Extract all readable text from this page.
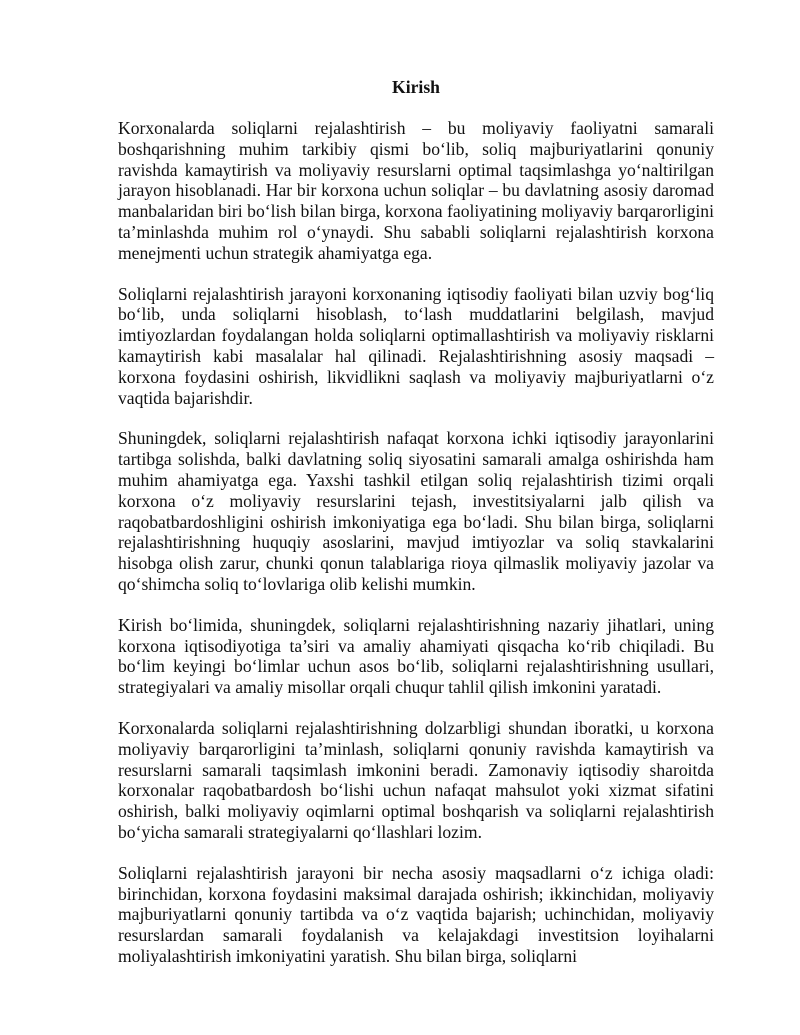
Kirish

Korxonalarda soliqlarni rejalashtirish – bu moliyaviy faoliyatni samarali boshqarishning muhim tarkibiy qismi bo‘lib, soliq majburiyatlarini qonuniy ravishda kamaytirish va moliyaviy resurslarni optimal taqsimlashga yo‘naltirilgan jarayon hisoblanadi. Har bir korxona uchun soliqlar – bu davlatning asosiy daromad manbalaridan biri bo‘lish bilan birga, korxona faoliyatining moliyaviy barqarorligini ta’minlashda muhim rol o‘ynaydi. Shu sababli soliqlarni rejalashtirish korxona menejmenti uchun strategik ahamiyatga ega.

Soliqlarni rejalashtirish jarayoni korxonaning iqtisodiy faoliyati bilan uzviy bog‘liq bo‘lib, unda soliqlarni hisoblash, to‘lash muddatlarini belgilash, mavjud imtiyozlardan foydalangan holda soliqlarni optimallashtirish va moliyaviy risklarni kamaytirish kabi masalalar hal qilinadi. Rejalashtirishning asosiy maqsadi – korxona foydasini oshirish, likvidlikni saqlash va moliyaviy majburiyatlarni o‘z vaqtida bajarishdir.

Shuningdek, soliqlarni rejalashtirish nafaqat korxona ichki iqtisodiy jarayonlarini tartibga solishda, balki davlatning soliq siyosatini samarali amalga oshirishda ham muhim ahamiyatga ega. Yaxshi tashkil etilgan soliq rejalashtirish tizimi orqali korxona o‘z moliyaviy resurslarini tejash, investitsiyalarni jalb qilish va raqobatbardoshligini oshirish imkoniyatiga ega bo‘ladi. Shu bilan birga, soliqlarni rejalashtirishning huquqiy asoslarini, mavjud imtiyozlar va soliq stavkalarini hisobga olish zarur, chunki qonun talablariga rioya qilmaslik moliyaviy jazolar va qo‘shimcha soliq to‘lovlariga olib kelishi mumkin.

Kirish bo‘limida, shuningdek, soliqlarni rejalashtirishning nazariy jihatlari, uning korxona iqtisodiyotiga ta’siri va amaliy ahamiyati qisqacha ko‘rib chiqiladi. Bu bo‘lim keyingi bo‘limlar uchun asos bo‘lib, soliqlarni rejalashtirishning usullari, strategiyalari va amaliy misollar orqali chuqur tahlil qilish imkonini yaratadi.

Korxonalarda soliqlarni rejalashtirishning dolzarbligi shundan iboratki, u korxona moliyaviy barqarorligini ta’minlash, soliqlarni qonuniy ravishda kamaytirish va resurslarni samarali taqsimlash imkonini beradi. Zamonaviy iqtisodiy sharoitda korxonalar raqobatbardosh bo‘lishi uchun nafaqat mahsulot yoki xizmat sifatini oshirish, balki moliyaviy oqimlarni optimal boshqarish va soliqlarni rejalashtirish bo‘yicha samarali strategiyalarni qo‘llashlari lozim.

Soliqlarni rejalashtirish jarayoni bir necha asosiy maqsadlarni o‘z ichiga oladi: birinchidan, korxona foydasini maksimal darajada oshirish; ikkinchidan, moliyaviy majburiyatlarni qonuniy tartibda va o‘z vaqtida bajarish; uchinchidan, moliyaviy resurslardan samarali foydalanish va kelajakdagi investitsion loyihalarni moliyalashtirish imkoniyatini yaratish. Shu bilan birga, soliqlarni
